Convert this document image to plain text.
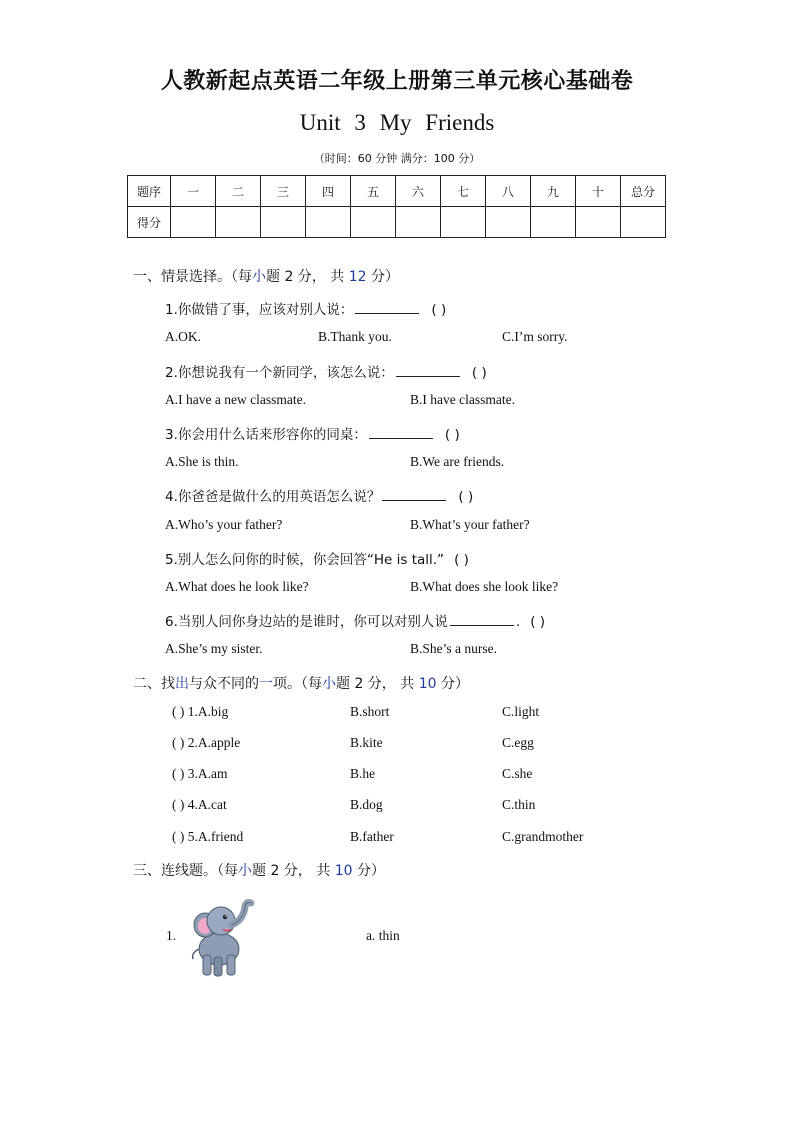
人教新起点英语二年级上册第三单元核心基础卷
Unit 3 My Friends
（时间：60 分钟 满分：100 分）
题序	一	二	三	四	五	六	七	八	九	十	总分
得分											
一、情景选择。（每小题 2 分， 共 12 分）
1.你做错了事，应该对别人说：	( )
A.OK.	B.Thank you.	C.I’m sorry.
2.你想说我有一个新同学，该怎么说：	( )
A.I have a new classmate.	B.I have classmate.
3.你会用什么话来形容你的同桌：	( )
A.She is thin.	B.We are friends.
4.你爸爸是做什么的用英语怎么说？	( )
A.Who’s your father?	B.What’s your father?
5.别人怎么问你的时候，你会回答“He is tall.” ( )
A.What does he look like?	B.What does she look like?
6.当别人问你身边站的是谁时，你可以对别人说	. ( )
A.She’s my sister.	B.She’s a nurse.
二、找出与众不同的一项。（每小题 2 分， 共 10 分）
( ) 1.A.big	B.short	C.light
( ) 2.A.apple	B.kite	C.egg
( ) 3.A.am	B.he	C.she
( ) 4.A.cat	B.dog	C.thin
( ) 5.A.friend	B.father	C.grandmother
三、连线题。（每小题 2 分， 共 10 分）
1.	a. thin
